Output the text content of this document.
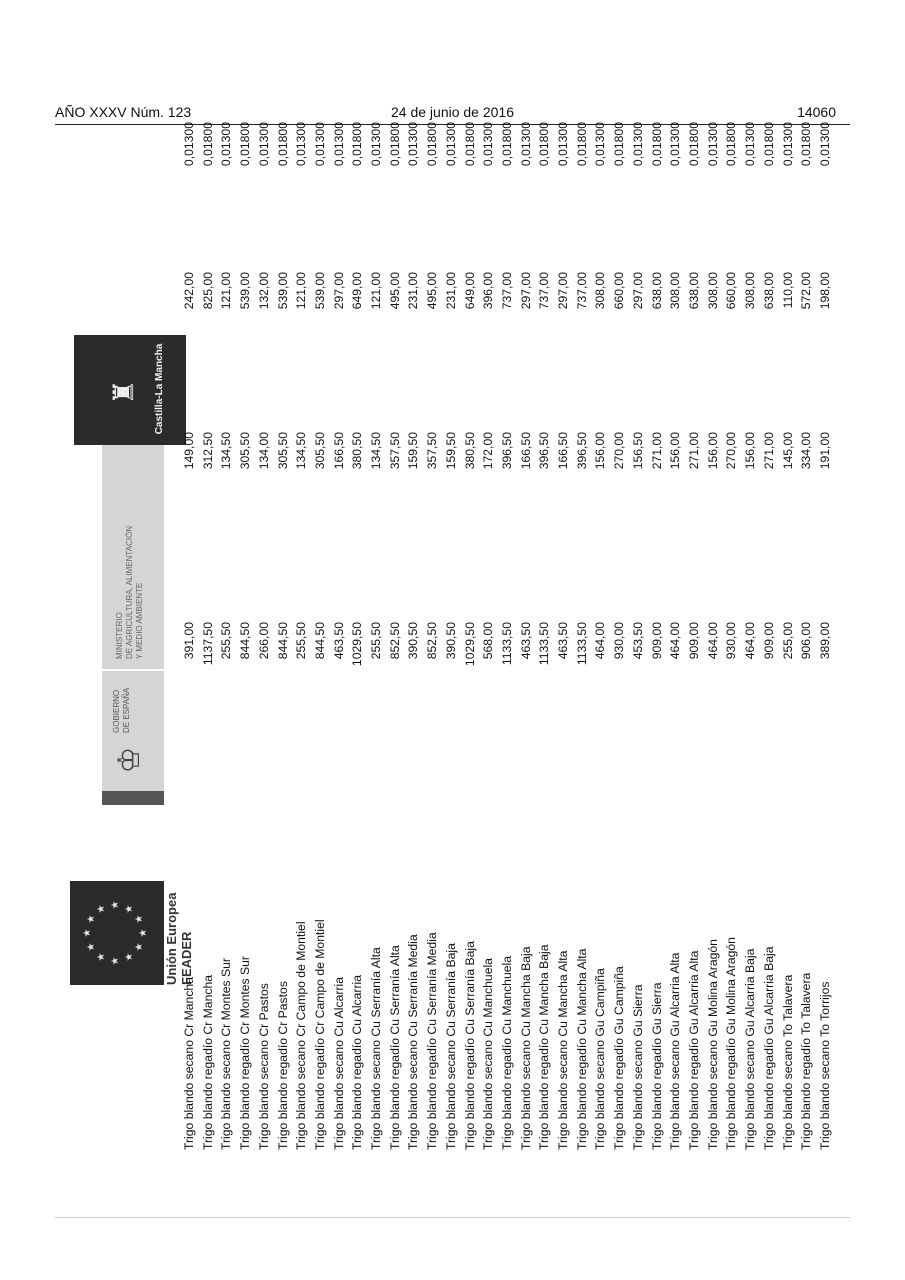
AÑO XXXV Núm. 123	24 de junio de 2016	14060
★
★
★ ★ ★
★
★
★
★
★
★
★
Unión Europea
FEADER
♔
GOBIERNO
DE ESPAÑA
MINISTERIO
DE AGRICULTURA, ALIMENTACIÓN
Y MEDIO AMBIENTE
♜	Castilla-La Mancha
Trigo blando secano Cr Mancha	391,00	149,00	242,00	0,01300
Trigo blando regadío Cr Mancha	1137,50	312,50	825,00	0,01800
Trigo blando secano Cr Montes Sur	255,50	134,50	121,00	0,01300
Trigo blando regadío Cr Montes Sur	844,50	305,50	539,00	0,01800
Trigo blando secano Cr Pastos	266,00	134,00	132,00	0,01300
Trigo blando regadío Cr Pastos	844,50	305,50	539,00	0,01800
Trigo blando secano Cr Campo de Montiel	255,50	134,50	121,00	0,01300
Trigo blando regadío Cr Campo de Montiel	844,50	305,50	539,00	0,01300
Trigo blando secano Cu Alcarria	463,50	166,50	297,00	0,01300
Trigo blando regadío Cu Alcarria	1029,50	380,50	649,00	0,01800
Trigo blando secano Cu Serranía Alta	255,50	134,50	121,00	0,01300
Trigo blando regadío Cu Serranía Alta	852,50	357,50	495,00	0,01800
Trigo blando secano Cu Serranía Media	390,50	159,50	231,00	0,01300
Trigo blando regadío Cu Serranía Media	852,50	357,50	495,00	0,01800
Trigo blando secano Cu Serranía Baja	390,50	159,50	231,00	0,01300
Trigo blando regadío Cu Serranía Baja	1029,50	380,50	649,00	0,01800
Trigo blando secano Cu Manchuela	568,00	172,00	396,00	0,01300
Trigo blando regadío Cu Manchuela	1133,50	396,50	737,00	0,01800
Trigo blando secano Cu Mancha Baja	463,50	166,50	297,00	0,01300
Trigo blando regadío Cu Mancha Baja	1133,50	396,50	737,00	0,01800
Trigo blando secano Cu Mancha Alta	463,50	166,50	297,00	0,01300
Trigo blando regadío Cu Mancha Alta	1133,50	396,50	737,00	0,01800
Trigo blando secano Gu Campiña	464,00	156,00	308,00	0,01300
Trigo blando regadío Gu Campiña	930,00	270,00	660,00	0,01800
Trigo blando secano Gu Sierra	453,50	156,50	297,00	0,01300
Trigo blando regadío Gu Sierra	909,00	271,00	638,00	0,01800
Trigo blando secano Gu Alcarria Alta	464,00	156,00	308,00	0,01300
Trigo blando regadío Gu Alcarria Alta	909,00	271,00	638,00	0,01800
Trigo blando secano Gu Molina Aragón	464,00	156,00	308,00	0,01300
Trigo blando regadío Gu Molina Aragón	930,00	270,00	660,00	0,01800
Trigo blando secano Gu Alcarria Baja	464,00	156,00	308,00	0,01300
Trigo blando regadío Gu Alcarria Baja	909,00	271,00	638,00	0,01800
Trigo blando secano To Talavera	255,00	145,00	110,00	0,01300
Trigo blando regadío To Talavera	906,00	334,00	572,00	0,01800
Trigo blando secano To Torrijos	389,00	191,00	198,00	0,01300
